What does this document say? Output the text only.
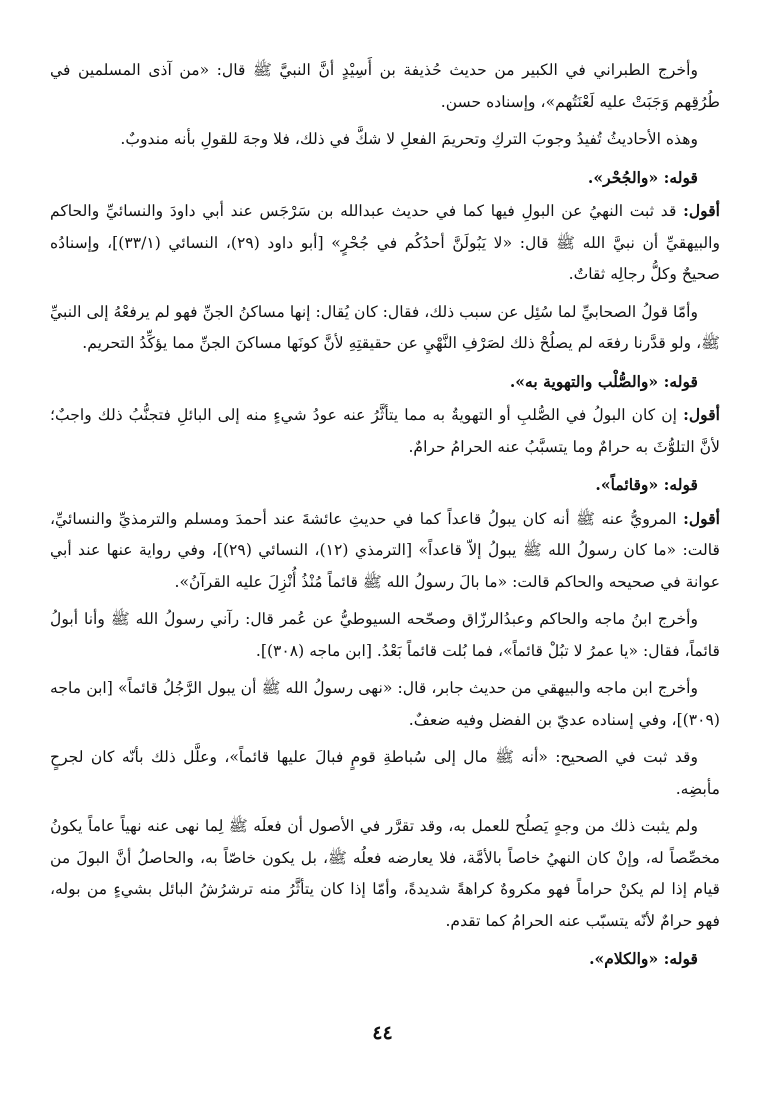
وأخرج الطبراني في الكبير من حديث حُذيفة بن أَسِيْدٍ أنَّ النبيَّ ﷺ قال: «من آذى المسلمين في طُرُقِهم وَجَبَتْ عليه لَعْنَتُهم»، وإسناده حسن.

وهذه الأحاديثُ تُفيدُ وجوبَ التركِ وتحريمَ الفعلِ لا شكَّ في ذلك، فلا وجهَ للقولِ بأنه مندوبٌ.

قوله: «والجُحْر».

أقول: قد ثبت النهيُ عن البولِ فيها كما في حديث عبدالله بن سَرْجَس عند أبي داودَ والنسائيِّ والحاكم والبيهقيِّ أن نبيَّ الله ﷺ قال: «لا يَبُولَنَّ أحدُكُم في جُحْرٍ» [أبو داود (٢٩)، النسائي (٣٣/١)]، وإسنادُه صحيحٌ وكلُّ رجالِه ثقاتٌ.

وأمّا قولُ الصحابيِّ لما سُئِل عن سبب ذلك، فقال: كان يُقال: إنها مساكنُ الجنِّ فهو لم يرفعْهُ إلى النبيِّ ﷺ، ولو قدَّرنا رفعَه لم يصلُحْ ذلك لصَرْفِ النَّهْيِ عن حقيقتِهِ لأنَّ كونَها مساكنَ الجنِّ مما يؤكِّدُ التحريم.

قوله: «والصُّلْب والتهوية به».

أقول: إن كان البولُ في الصُّلبِ أو التهويةُ به مما يتأثَّرُ عنه عودُ شيءٍ منه إلى البائلِ فتجنُّبُ ذلك واجبٌ؛ لأنَّ التلوُّثَ به حرامٌ وما يتسبَّبُ عنه الحرامُ حرامٌ.

قوله: «وقائماً».

أقول: المرويُّ عنه ﷺ أنه كان يبولُ قاعداً كما في حديثِ عائشةَ عند أحمدَ ومسلم والترمذيِّ والنسائيِّ، قالت: «ما كان رسولُ الله ﷺ يبولُ إلاّ قاعداً» [الترمذي (١٢)، النسائي (٢٩)]، وفي رواية عنها عند أبي عوانة في صحيحه والحاكم قالت: «ما بالَ رسولُ الله ﷺ قائماً مُنْذُ أُنْزِلَ عليه القرآنُ».

وأخرج ابنُ ماجه والحاكم وعبدُالرزّاق وصحّحه السيوطيُّ عن عُمر قال: رآني رسولُ الله ﷺ وأنا أبولُ قائماً، فقال: «يا عمرُ لا تبُلْ قائماً»، فما بُلت قائماً بَعْدُ. [ابن ماجه (٣٠٨)].

وأخرج ابن ماجه والبيهقي من حديث جابر، قال: «نهى رسولُ الله ﷺ أن يبول الرَّجُلُ قائماً» [ابن ماجه (٣٠٩)]، وفي إسناده عديّ بن الفضل وفيه ضعفٌ.

وقد ثبت في الصحيح: «أنه ﷺ مال إلى سُباطةِ قومٍ فبالَ عليها قائماً»، وعلَّل ذلك بأنّه كان لجرحٍ مأبضِه.

ولم يثبت ذلك من وجهٍ يَصلُح للعمل به، وقد تقرَّر في الأصول أن فعلَه ﷺ لِما نهى عنه نهياً عاماً يكونُ مخصِّصاً له، وإنْ كان النهيُ خاصاً بالأمَّة، فلا يعارضه فعلُه ﷺ، بل يكون خاصّاً به، والحاصلُ أنَّ البولَ من قيام إذا لم يكنْ حراماً فهو مكروهٌ كراهةً شديدةً، وأمّا إذا كان يتأثَّرُ منه ترشرُشُ البائل بشيءٍ من بوله، فهو حرامٌ لأنّه يتسبّب عنه الحرامُ كما تقدم.

قوله: «والكلام».

٤٤
